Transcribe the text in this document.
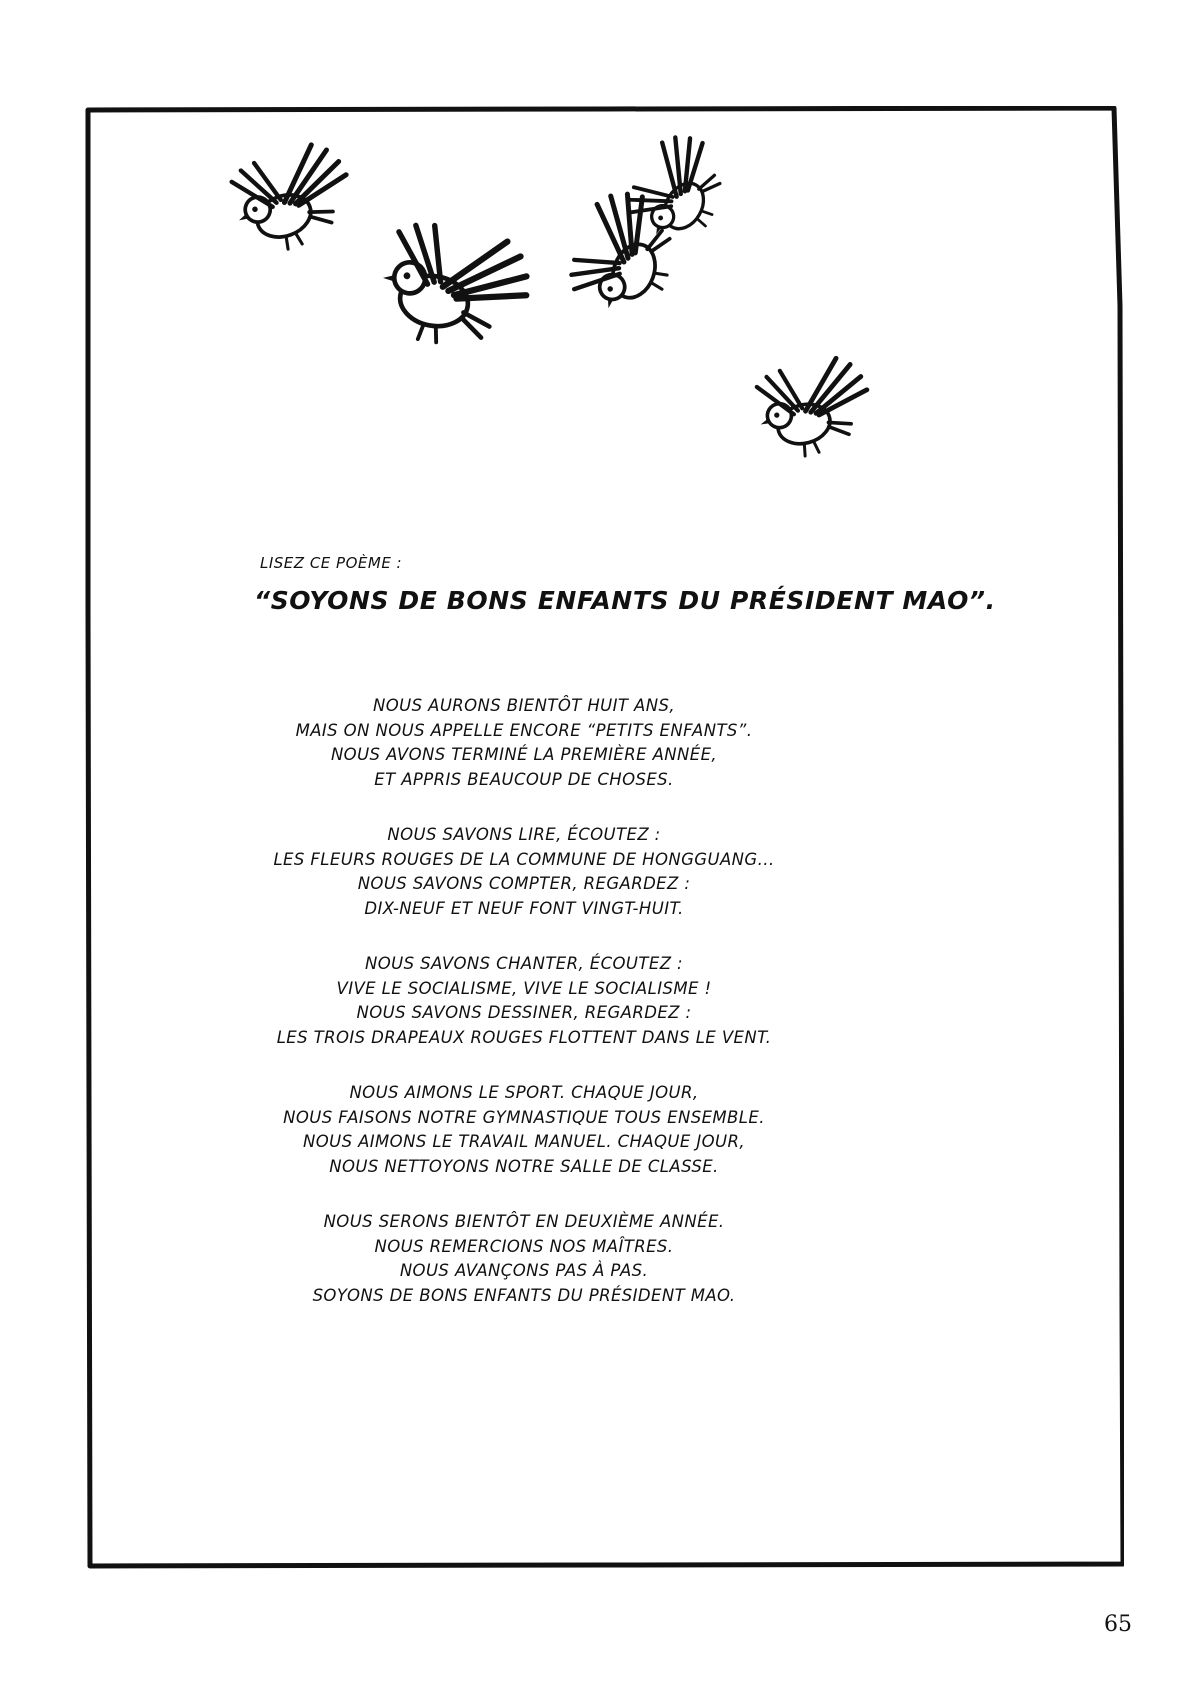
LISEZ CE POÈME :
“SOYONS DE BONS ENFANTS DU PRÉSIDENT MAO”.
NOUS AURONS BIENTÔT HUIT ANS,
MAIS ON NOUS APPELLE ENCORE “PETITS ENFANTS”.
NOUS AVONS TERMINÉ LA PREMIÈRE ANNÉE,
ET APPRIS BEAUCOUP DE CHOSES.
NOUS SAVONS LIRE, ÉCOUTEZ :
LES FLEURS ROUGES DE LA COMMUNE DE HONGGUANG...
NOUS SAVONS COMPTER, REGARDEZ :
DIX-NEUF ET NEUF FONT VINGT-HUIT.
NOUS SAVONS CHANTER, ÉCOUTEZ :
VIVE LE SOCIALISME, VIVE LE SOCIALISME !
NOUS SAVONS DESSINER, REGARDEZ :
LES TROIS DRAPEAUX ROUGES FLOTTENT DANS LE VENT.
NOUS AIMONS LE SPORT. CHAQUE JOUR,
NOUS FAISONS NOTRE GYMNASTIQUE TOUS ENSEMBLE.
NOUS AIMONS LE TRAVAIL MANUEL. CHAQUE JOUR,
NOUS NETTOYONS NOTRE SALLE DE CLASSE.
NOUS SERONS BIENTÔT EN DEUXIÈME ANNÉE.
NOUS REMERCIONS NOS MAÎTRES.
NOUS AVANÇONS PAS À PAS.
SOYONS DE BONS ENFANTS DU PRÉSIDENT MAO.
65
